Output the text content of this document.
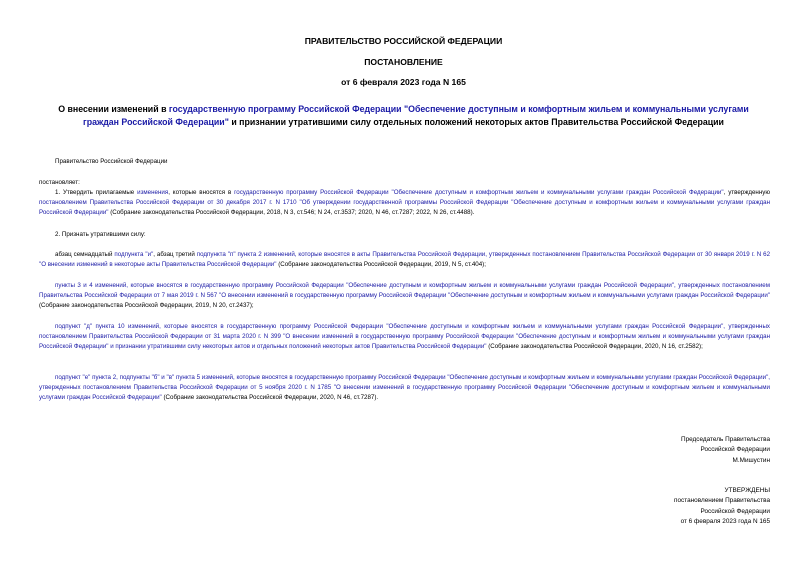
ПРАВИТЕЛЬСТВО РОССИЙСКОЙ ФЕДЕРАЦИИ
ПОСТАНОВЛЕНИЕ
от 6 февраля 2023 года N 165
О внесении изменений в государственную программу Российской Федерации "Обеспечение доступным и комфортным жильем и коммунальными услугами граждан Российской Федерации" и признании утратившими силу отдельных положений некоторых актов Правительства Российской Федерации
Правительство Российской Федерации
постановляет:
1. Утвердить прилагаемые изменения, которые вносятся в государственную программу Российской Федерации "Обеспечение доступным и комфортным жильем и коммунальными услугами граждан Российской Федерации", утвержденную постановлением Правительства Российской Федерации от 30 декабря 2017 г. N 1710 "Об утверждении государственной программы Российской Федерации "Обеспечение доступным и комфортным жильем и коммунальными услугами граждан Российской Федерации" (Собрание законодательства Российской Федерации, 2018, N 3, ст.546; N 24, ст.3537; 2020, N 46, ст.7287; 2022, N 26, ст.4488).
2. Признать утратившими силу:
абзац семнадцатый подпункта "и", абзац третий подпункта "п" пункта 2 изменений, которые вносятся в акты Правительства Российской Федерации, утвержденных постановлением Правительства Российской Федерации от 30 января 2019 г. N 62 "О внесении изменений в некоторые акты Правительства Российской Федерации" (Собрание законодательства Российской Федерации, 2019, N 5, ст.404);
пункты 3 и 4 изменений, которые вносятся в государственную программу Российской Федерации "Обеспечение доступным и комфортным жильем и коммунальными услугами граждан Российской Федерации", утвержденных постановлением Правительства Российской Федерации от 7 мая 2019 г. N 567 "О внесении изменений в государственную программу Российской Федерации "Обеспечение доступным и комфортным жильем и коммунальными услугами граждан Российской Федерации" (Собрание законодательства Российской Федерации, 2019, N 20, ст.2437);
подпункт "д" пункта 10 изменений, которые вносятся в государственную программу Российской Федерации "Обеспечение доступным и комфортным жильем и коммунальными услугами граждан Российской Федерации", утвержденных постановлением Правительства Российской Федерации от 31 марта 2020 г. N 399 "О внесении изменений в государственную программу Российской Федерации "Обеспечение доступным и комфортным жильем и коммунальными услугами граждан Российской Федерации" и признании утратившими силу некоторых актов и отдельных положений некоторых актов Правительства Российской Федерации" (Собрание законодательства Российской Федерации, 2020, N 16, ст.2582);
подпункт "е" пункта 2, подпункты "б" и "в" пункта 5 изменений, которые вносятся в государственную программу Российской Федерации "Обеспечение доступным и комфортным жильем и коммунальными услугами граждан Российской Федерации", утвержденных постановлением Правительства Российской Федерации от 5 ноября 2020 г. N 1785 "О внесении изменений в государственную программу Российской Федерации "Обеспечение доступным и комфортным жильем и коммунальными услугами граждан Российской Федерации" (Собрание законодательства Российской Федерации, 2020, N 46, ст.7287).
Председатель Правительства
Российской Федерации
М.Мишустин
УТВЕРЖДЕНЫ
постановлением Правительства
Российской Федерации
от 6 февраля 2023 года N 165
